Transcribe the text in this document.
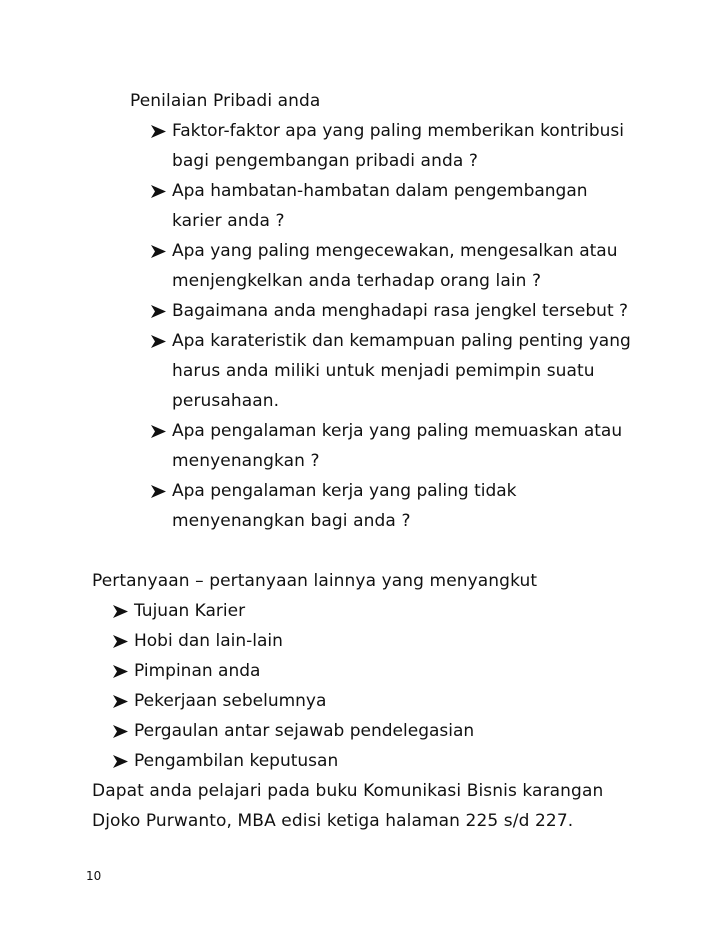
Penilaian Pribadi anda
Faktor-faktor apa yang paling memberikan kontribusi
bagi pengembangan pribadi anda ?
Apa hambatan-hambatan dalam pengembangan
karier anda ?
Apa yang paling mengecewakan, mengesalkan atau
menjengkelkan anda terhadap orang lain ?
Bagaimana anda menghadapi rasa jengkel tersebut ?
Apa karateristik dan kemampuan paling penting yang
harus anda miliki untuk menjadi pemimpin suatu
perusahaan.
Apa pengalaman kerja yang paling memuaskan atau
menyenangkan ?
Apa pengalaman kerja yang paling tidak
menyenangkan bagi anda ?
Pertanyaan – pertanyaan lainnya yang menyangkut
Tujuan Karier
Hobi dan lain-lain
Pimpinan anda
Pekerjaan sebelumnya
Pergaulan antar sejawab pendelegasian
Pengambilan keputusan
Dapat anda pelajari pada buku Komunikasi Bisnis karangan
Djoko Purwanto, MBA edisi ketiga halaman 225 s/d 227.
10
